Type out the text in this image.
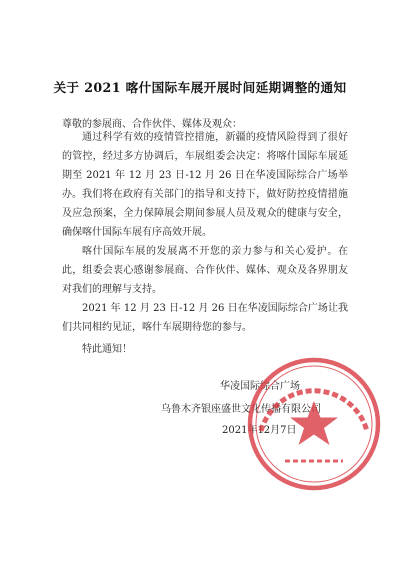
关于 2021 喀什国际车展开展时间延期调整的通知
尊敬的参展商、合作伙伴、媒体及观众：

通过科学有效的疫情管控措施，新疆的疫情风险得到了很好的管控，经过多方协调后，车展组委会决定：将喀什国际车展延期至 2021 年 12 月 23 日-12 月 26 日在华凌国际综合广场举办。 我们将在政府有关部门的指导和支持下，做好防控疫情措施及应急预案，全力保障展会期间参展人员及观众的健康与安全，确保喀什国际车展有序高效开展。

喀什国际车展的发展离不开您的亲力参与和关心爱护。在此，组委会衷心感谢参展商、合作伙伴、媒体、观众及各界朋友对我们的理解与支持。

2021 年 12 月 23 日-12 月 26 日在华凌国际综合广场让我们共同相约见证，喀什车展期待您的参与。

特此通知！

华凌国际综合广场
乌鲁木齐银座盛世文化传播有限公司
2021年12月7日
